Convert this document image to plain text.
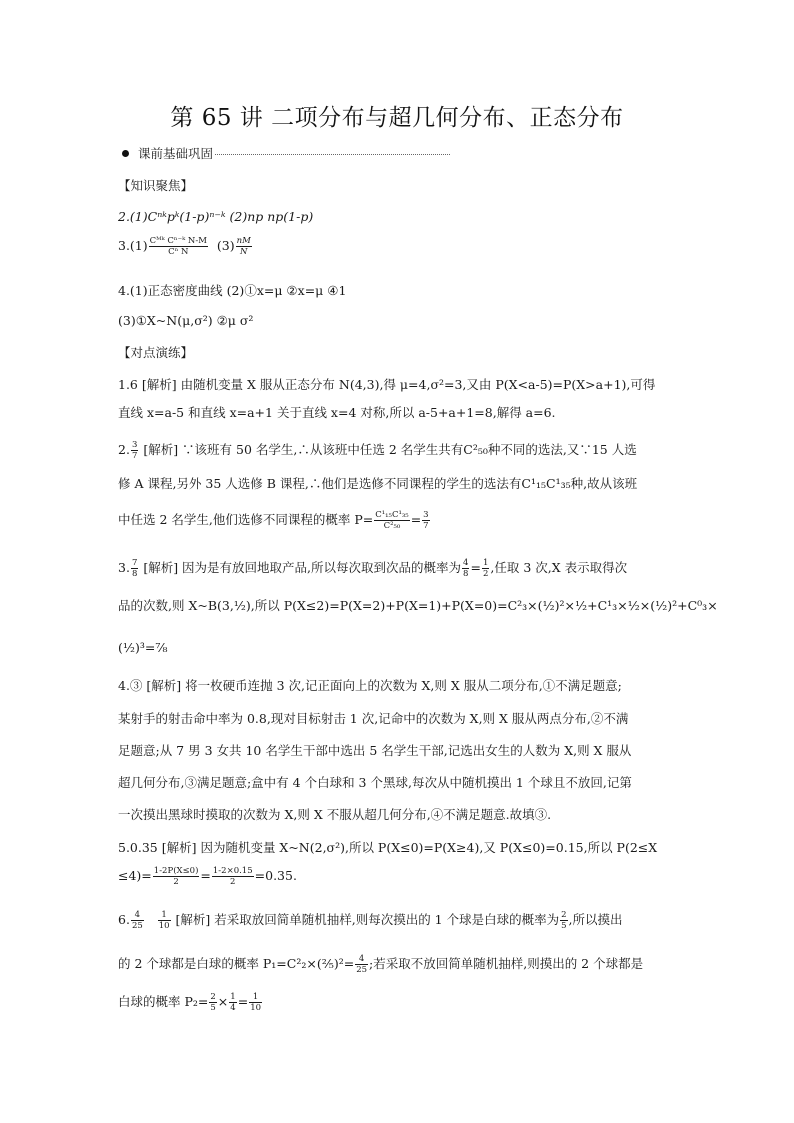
第 65 讲 二项分布与超几何分布、正态分布
课前基础巩固
【知识聚焦】
2.(1)Cⁿᵏpᵏ(1-p)ⁿ⁻ᵏ (2)np np(1-p)
3.(1) Cᴹᵏ Cⁿ⁻ᵏ N-M
Cⁿ N	$(3) \frac{nM}{N}$
4.(1)正态密度曲线 (2)①x=μ ②x=μ ④1
(3)①X~N(μ,σ²) ②μ σ²
【对点演练】
1.6 [解析] 由随机变量 X 服从正态分布 N(4,3),得 μ=4,σ²=3,又由 P(X<a-5)=P(X>a+1),可得
直线 x=a-5 和直线 x=a+1 关于直线 x=4 对称,所以 a-5+a+1=8,解得 a=6.
2. $\frac{3}{7}$ [解析] ∵该班有 50 名学生,∴从该班中任选 2 名学生共有C²₅₀种不同的选法,又∵15 人选
修 A 课程,另外 35 人选修 B 课程,∴他们是选修不同课程的学生的选法有C¹₁₅C¹₃₅种,故从该班
中任选 2 名学生,他们选修不同课程的概率 $P= \frac{\text{C¹₁₅C¹₃₅}}{\text{C²₅₀}} = \frac{3}{7}$
3. $\frac{7}{8}$ [解析] 因为是有放回地取产品,所以每次取到次品的概率为 $\frac{4}{8} = \frac{1}{2}$ ,任取 3 次,X 表示取得次
品的次数,则 X~B(3,½),所以 P(X≤2)=P(X=2)+P(X=1)+P(X=0)=C²₃×(½)²×½+C¹₃×½×(½)²+C⁰₃×
(½)³=⅞
4.③ [解析] 将一枚硬币连抛 3 次,记正面向上的次数为 X,则 X 服从二项分布,①不满足题意;
某射手的射击命中率为 0.8,现对目标射击 1 次,记命中的次数为 X,则 X 服从两点分布,②不满
足题意;从 7 男 3 女共 10 名学生干部中选出 5 名学生干部,记选出女生的人数为 X,则 X 服从
超几何分布,③满足题意;盒中有 4 个白球和 3 个黑球,每次从中随机摸出 1 个球且不放回,记第
一次摸出黑球时摸取的次数为 X,则 X 不服从超几何分布,④不满足题意.故填③.
5.0.35 [解析] 因为随机变量 X~N(2,σ²),所以 P(X≤0)=P(X≥4),又 P(X≤0)=0.15,所以 P(2≤X
$\le 4)= \frac{1-2P(X\le 0)}{2} = \frac{1-2\times 0.15}{2} =0.35$.
6. $\frac{4}{25}$
$\frac{1}{10}$ [解析] 若采取放回简单随机抽样,则每次摸出的 1 个球是白球的概率为 $\frac{2}{5}$ ,所以摸出
的 2 个球都是白球的概率 P₁=C²₂×(⅖)²= $\frac{4}{25}$ ;若采取不放回简单随机抽样,则摸出的 2 个球都是
白球的概率 $P_2= \frac{2}{5} \times \frac{1}{4} = \frac{1}{10}$
